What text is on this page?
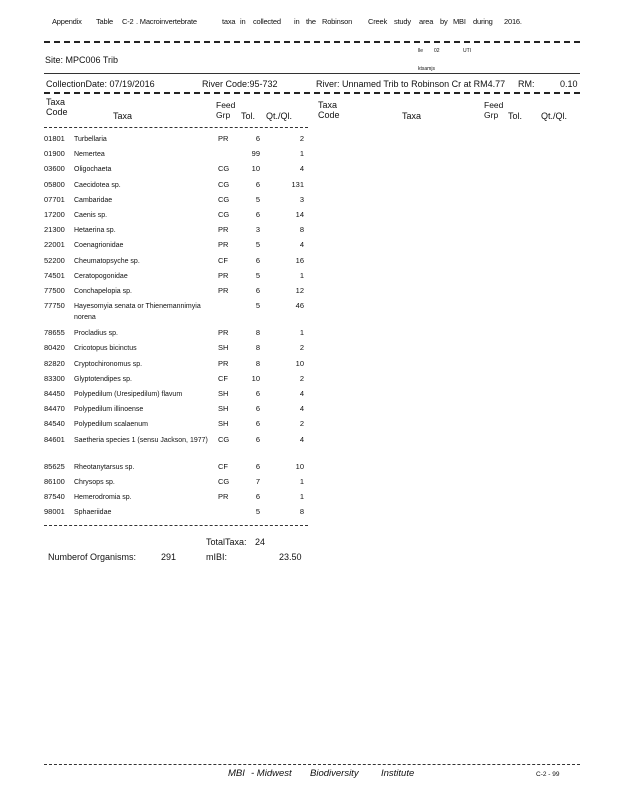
Appendix Table C-2 . Macroinvertebrate	taxa in collected in the Robinson Creek study area by MBI during 2016.
Site: MPC006 Trib
lle 02	UTI
ktsamjs
CollectionDate: 07/19/2016	River Code:95-732	River: Unnamed Trib to Robinson Cr at RM4.77 RM:	0.10
Taxa
Code	Taxa
Feed
Grp	Tol. Qt./Ql.
Taxa
Code	Taxa
Feed
Grp	Tol. Qt./Ql.
01801 Turbellaria	PR	6	2
01900 Nemertea	99	1
03600 Oligochaeta	CG	10	4
05800 Caecidotea sp.	CG	6	131
07701 Cambaridae	CG	5	3
17200 Caenis sp.	CG	6	14
21300 Hetaerina sp.	PR	3	8
22001 Coenagrionidae	PR	5	4
52200 Cheumatopsyche sp.	CF	6	16
74501 Ceratopogonidae	PR	5	1
77500 Conchapelopia sp.	PR	6	12
77750 Hayesomyia senata or Thienemannimyia norena
5	46
78655 Procladius sp.	PR	8	1
80420 Cricotopus bicinctus	SH	8	2
82820 Cryptochironomus sp.	PR	8	10
83300 Glyptotendipes sp.	CF	10	2
84450 Polypedilum (Uresipedilum) flavum	SH	6	4
84470 Polypedilum illinoense	SH	6	4
84540 Polypedilum scalaenum	SH	6	2
84601 Saetheria species 1 (sensu Jackson, 1977)	CG	6	4
85625 Rheotanytarsus sp.	CF	6	10
86100 Chrysops sp.	CG	7	1
87540 Hemerodromia sp.	PR	6	1
98001 Sphaeriidae	5	8
TotalTaxa: 24
Numberof Organisms:	291	mIBI:	23.50
MBI - Midwest Biodiversity Institute	C-2 - 99
